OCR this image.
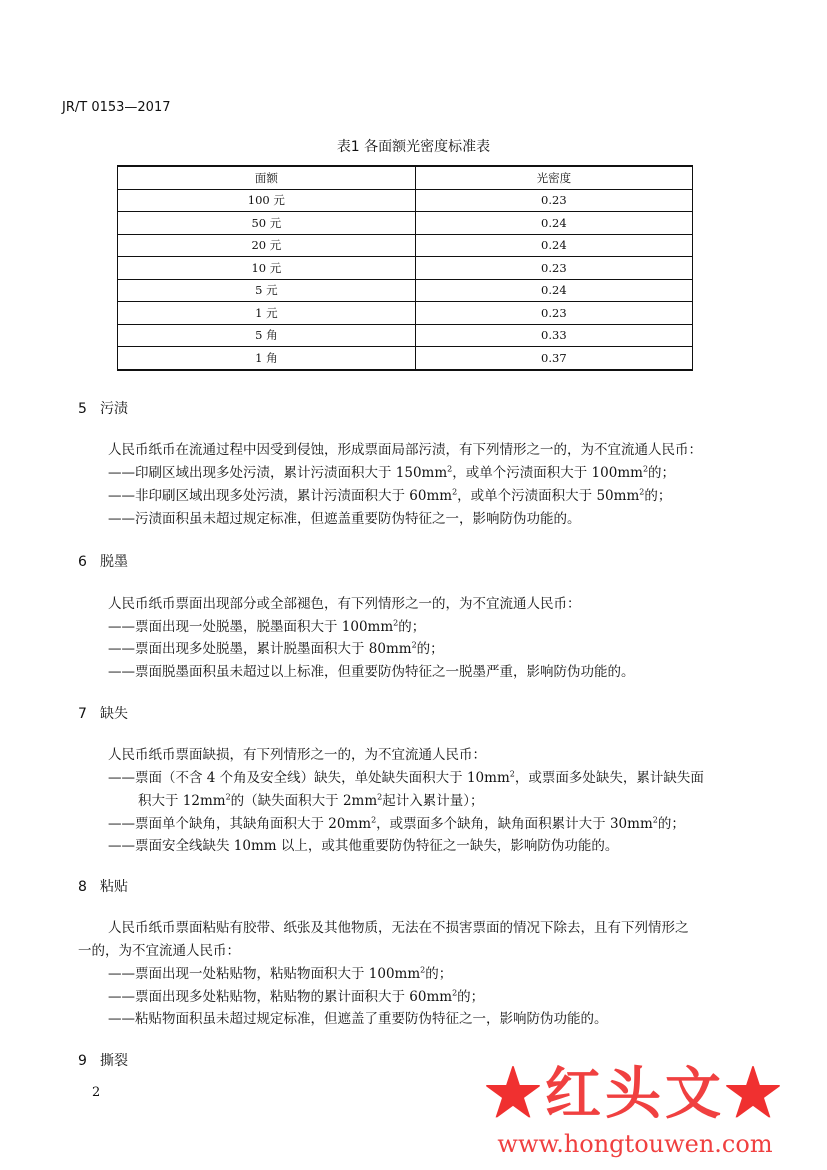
JR/T 0153—2017
表1 各面额光密度标准表
面额	光密度
100 元	0.23
50 元	0.24
20 元	0.24
10 元	0.23
5 元	0.24
1 元	0.23
5 角	0.33
1 角	0.37
5 污渍
人民币纸币在流通过程中因受到侵蚀，形成票面局部污渍，有下列情形之一的，为不宜流通人民币：
——印刷区域出现多处污渍，累计污渍面积大于 $150mm^2$，或单个污渍面积大于 $100mm^2$的；
——非印刷区域出现多处污渍，累计污渍面积大于 $60mm^2$，或单个污渍面积大于 $50mm^2$的；
——污渍面积虽未超过规定标准，但遮盖重要防伪特征之一，影响防伪功能的。
6 脱墨
人民币纸币票面出现部分或全部褪色，有下列情形之一的，为不宜流通人民币：
——票面出现一处脱墨，脱墨面积大于 $100mm^2$的；
——票面出现多处脱墨，累计脱墨面积大于 $80mm^2$的；
——票面脱墨面积虽未超过以上标准，但重要防伪特征之一脱墨严重，影响防伪功能的。
7 缺失
人民币纸币票面缺损，有下列情形之一的，为不宜流通人民币：
——票面（不含 4 个角及安全线）缺失，单处缺失面积大于 $10mm^2$，或票面多处缺失，累计缺失面
积大于 $12mm^2$的（缺失面积大于 $2mm^2$起计入累计量）；
——票面单个缺角，其缺角面积大于 $20mm^2$，或票面多个缺角，缺角面积累计大于 $30mm^2$的；
——票面安全线缺失 10mm 以上，或其他重要防伪特征之一缺失，影响防伪功能的。
8 粘贴
人民币纸币票面粘贴有胶带、纸张及其他物质，无法在不损害票面的情况下除去，且有下列情形之
一的，为不宜流通人民币：
——票面出现一处粘贴物，粘贴物面积大于 $100mm^2$的；
——票面出现多处粘贴物，粘贴物的累计面积大于 $60mm^2$的；
——粘贴物面积虽未超过规定标准，但遮盖了重要防伪特征之一，影响防伪功能的。
9 撕裂
2	★红头文★
www.hongtouwen.com
